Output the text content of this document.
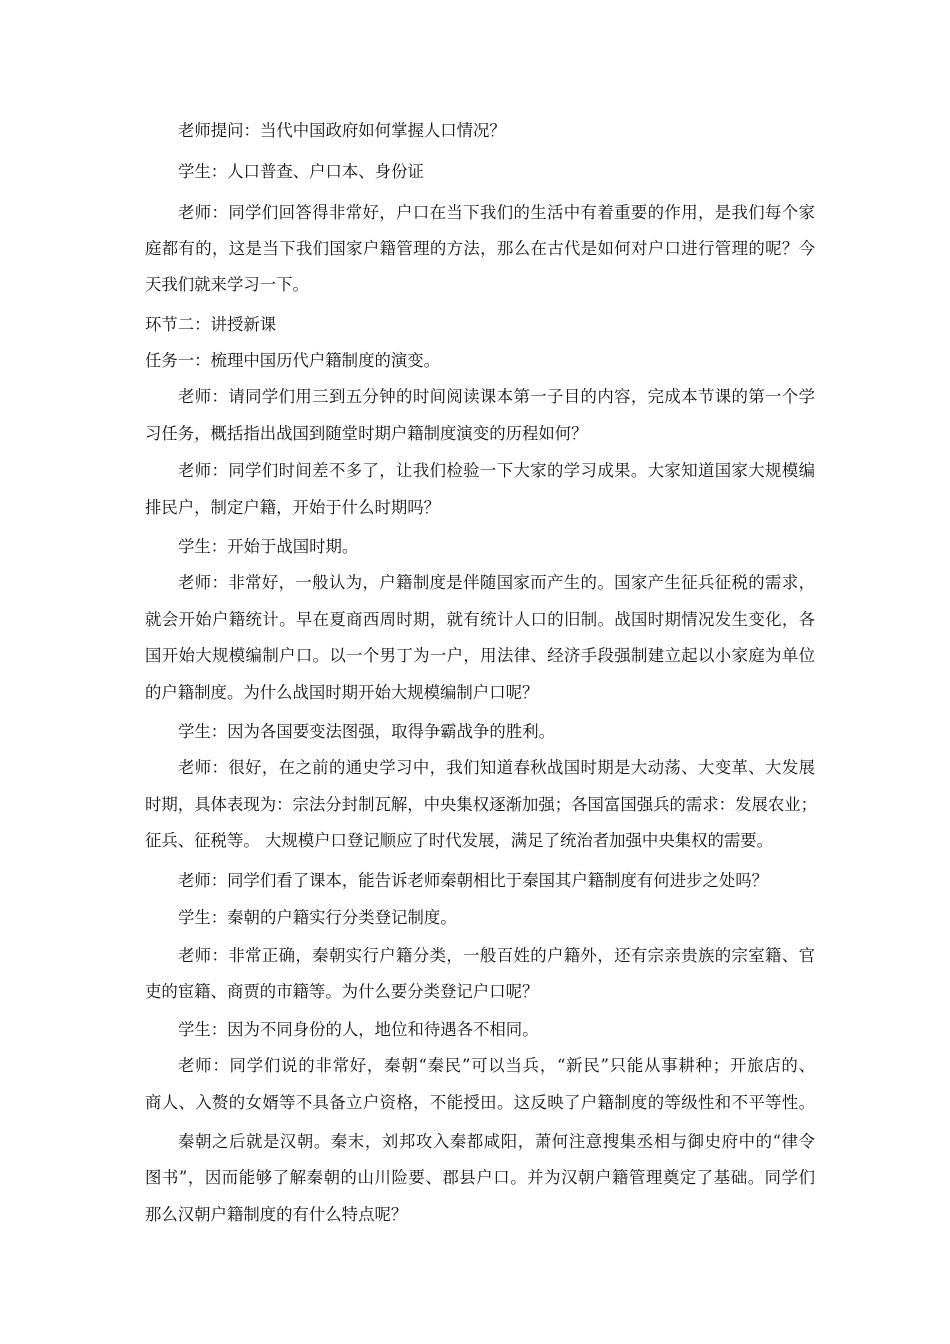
老师提问：当代中国政府如何掌握人口情况？
学生：人口普查、户口本、身份证
老师：同学们回答得非常好，户口在当下我们的生活中有着重要的作用，是我们每个家
庭都有的，这是当下我们国家户籍管理的方法，那么在古代是如何对户口进行管理的呢？今
天我们就来学习一下。
环节二：讲授新课
任务一：梳理中国历代户籍制度的演变。
老师：请同学们用三到五分钟的时间阅读课本第一子目的内容，完成本节课的第一个学
习任务，概括指出战国到随堂时期户籍制度演变的历程如何？
老师：同学们时间差不多了，让我们检验一下大家的学习成果。大家知道国家大规模编
排民户，制定户籍，开始于什么时期吗？
学生：开始于战国时期。
老师：非常好，一般认为，户籍制度是伴随国家而产生的。国家产生征兵征税的需求，
就会开始户籍统计。早在夏商西周时期，就有统计人口的旧制。战国时期情况发生变化，各
国开始大规模编制户口。以一个男丁为一户，用法律、经济手段强制建立起以小家庭为单位
的户籍制度。为什么战国时期开始大规模编制户口呢？
学生：因为各国要变法图强，取得争霸战争的胜利。
老师：很好，在之前的通史学习中，我们知道春秋战国时期是大动荡、大变革、大发展
时期，具体表现为：宗法分封制瓦解，中央集权逐渐加强；各国富国强兵的需求：发展农业；
征兵、征税等。 大规模户口登记顺应了时代发展，满足了统治者加强中央集权的需要。
老师：同学们看了课本，能告诉老师秦朝相比于秦国其户籍制度有何进步之处吗？
学生：秦朝的户籍实行分类登记制度。
老师：非常正确，秦朝实行户籍分类，一般百姓的户籍外，还有宗亲贵族的宗室籍、官
吏的宦籍、商贾的市籍等。为什么要分类登记户口呢？
学生：因为不同身份的人，地位和待遇各不相同。
老师：同学们说的非常好，秦朝“秦民”可以当兵，“新民”只能从事耕种；开旅店的、
商人、入赘的女婿等不具备立户资格，不能授田。这反映了户籍制度的等级性和不平等性。
秦朝之后就是汉朝。秦末，刘邦攻入秦都咸阳，萧何注意搜集丞相与御史府中的“律令
图书”，因而能够了解秦朝的山川险要、郡县户口。并为汉朝户籍管理奠定了基础。同学们
那么汉朝户籍制度的有什么特点呢？
